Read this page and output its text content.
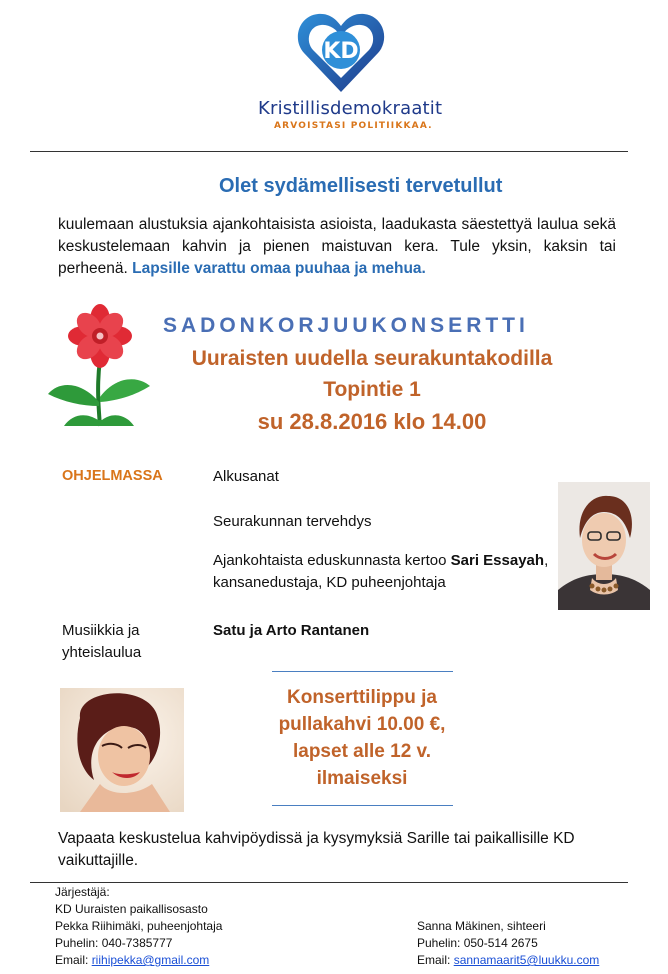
KD
Kristillisdemokraatit
ARVOISTASI POLITIIKKAA.
Olet sydämellisesti tervetullut
kuulemaan alustuksia ajankohtaisista asioista, laadukasta säestettyä laulua sekä keskustelemaan kahvin ja pienen maistuvan kera. Tule yksin, kaksin tai perheenä. Lapsille varattu omaa puuhaa ja mehua.
SADONKORJUUKONSERTTI
Uuraisten uudella seurakuntakodilla
Topintie 1
su 28.8.2016 klo 14.00
OHJELMASSA	Alkusanat
Seurakunnan tervehdys
Ajankohtaista eduskunnasta kertoo Sari Essayah,
kansanedustaja, KD puheenjohtaja
Musiikkia ja
yhteislaulua
Satu ja Arto Rantanen
Konserttilippu ja
pullakahvi 10.00 €,
lapset alle 12 v.
ilmaiseksi
Vapaata keskustelua kahvipöydissä ja kysymyksiä Sarille tai paikallisille KD
vaikuttajille.
Järjestäjä:
KD Uuraisten paikallisosasto
Pekka Riihimäki, puheenjohtaja
Puhelin: 040-7385777
Email: riihipekka@gmail.com
Sanna Mäkinen, sihteeri
Puhelin: 050-514 2675
Email: sannamaarit5@luukku.com
